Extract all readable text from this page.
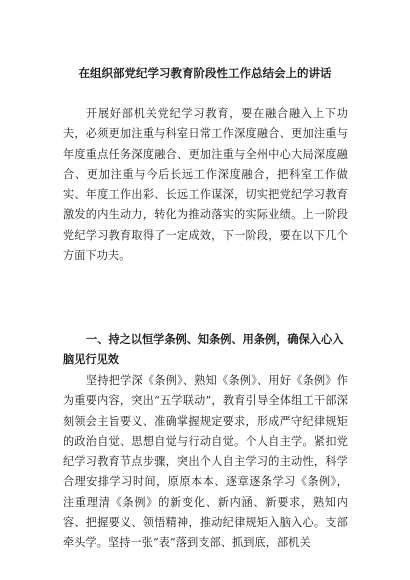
在组织部党纪学习教育阶段性工作总结会上的讲话

开展好部机关党纪学习教育，要在融合融入上下功夫，必须更加注重与科室日常工作深度融合、更加注重与年度重点任务深度融合、更加注重与全州中心大局深度融合、更加注重与今后长远工作深度融合，把科室工作做实、年度工作出彩、长远工作谋深，切实把党纪学习教育激发的内生动力，转化为推动落实的实际业绩。上一阶段党纪学习教育取得了一定成效，下一阶段，要在以下几个方面下功夫。

一、持之以恒学条例、知条例、用条例，确保入心入脑见行见效

坚持把学深《条例》、熟知《条例》、用好《条例》作为重要内容，突出“五学联动”，教育引导全体组工干部深刻领会主旨要义、准确掌握规定要求，形成严守纪律规矩的政治自觉、思想自觉与行动自觉。个人自主学。紧扣党纪学习教育节点步骤，突出个人自主学习的主动性，科学合理安排学习时间，原原本本、逐章逐条学习《条例》，注重理清《条例》的新变化、新内涵、新要求，熟知内容、把握要义、领悟精神，推动纪律规矩入脑入心。支部牵头学。坚持一张“表”落到支部、抓到底，部机关
